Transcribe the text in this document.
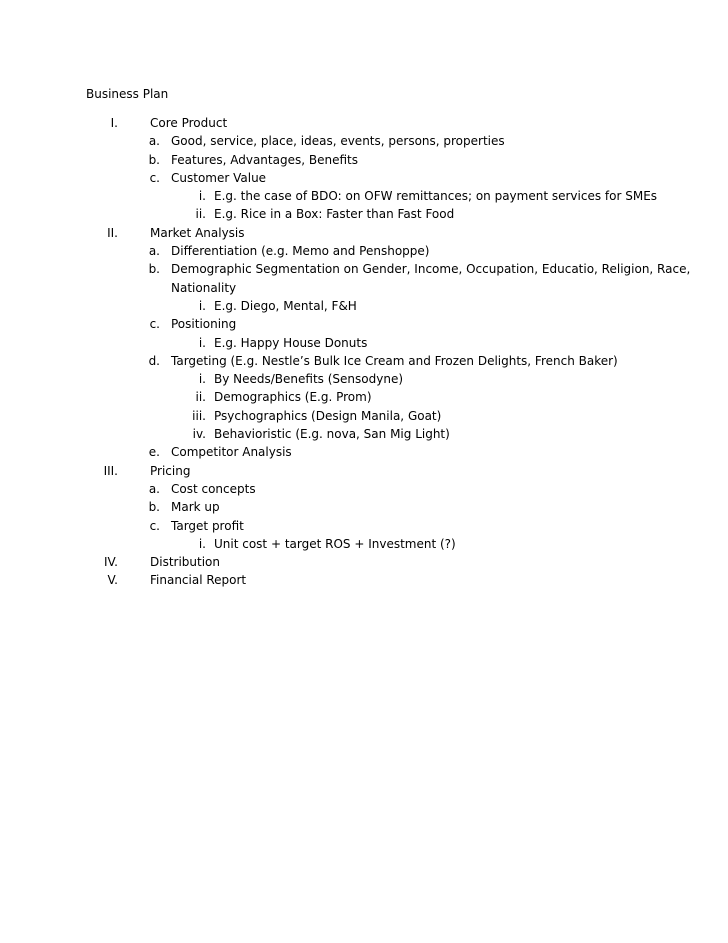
Business Plan
I.	Core Product
a. Good, service, place, ideas, events, persons, properties
b. Features, Advantages, Benefits
c. Customer Value
i. E.g. the case of BDO: on OFW remittances; on payment services for SMEs
ii. E.g. Rice in a Box: Faster than Fast Food
II.	Market Analysis
a. Differentiation (e.g. Memo and Penshoppe)
b. Demographic Segmentation on Gender, Income, Occupation, Educatio, Religion, Race,
Nationality
i. E.g. Diego, Mental, F&H
c. Positioning
i. E.g. Happy House Donuts
d. Targeting (E.g. Nestle’s Bulk Ice Cream and Frozen Delights, French Baker)
i. By Needs/Benefits (Sensodyne)
ii. Demographics (E.g. Prom)
iii. Psychographics (Design Manila, Goat)
iv. Behavioristic (E.g. nova, San Mig Light)
e. Competitor Analysis
III.	Pricing
a. Cost concepts
b. Mark up
c. Target profit
i. Unit cost + target ROS + Investment (?)
IV.	Distribution
V.	Financial Report
